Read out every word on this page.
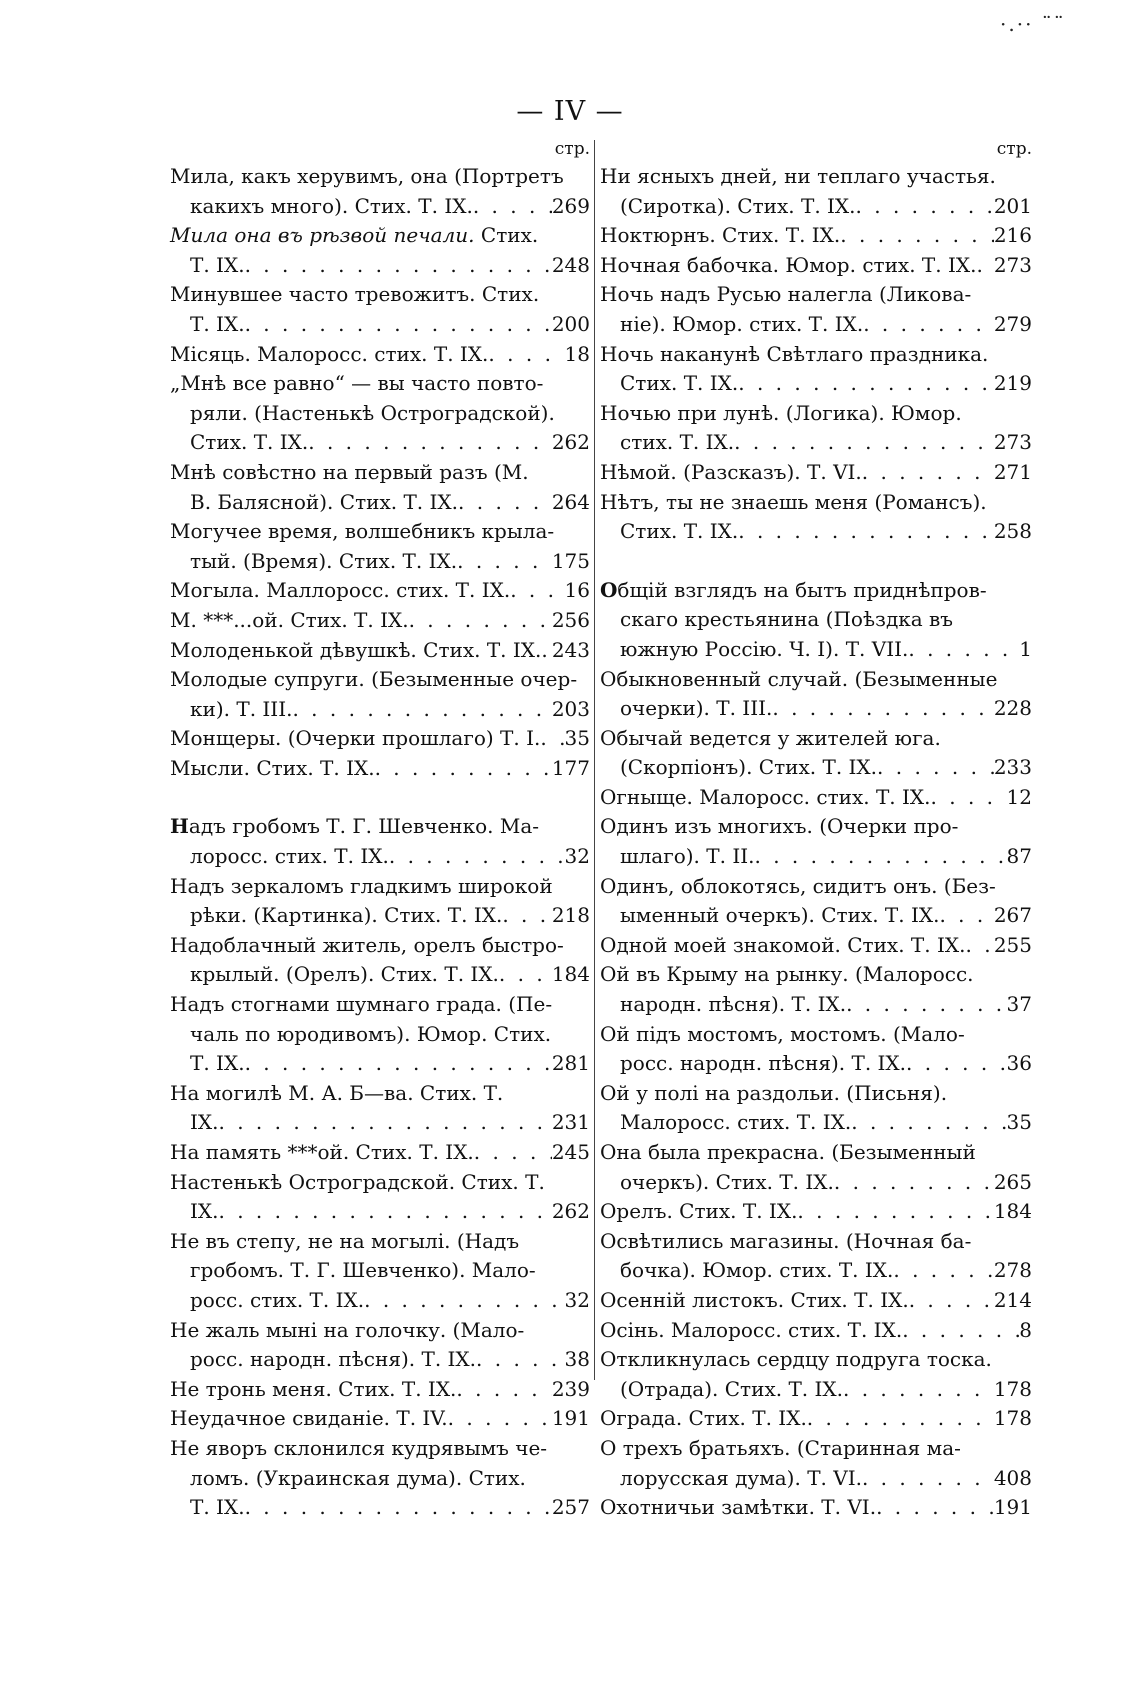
·.·· ¨¨
— IV —
стр.
Мила, какъ херувимъ, она (Портретъ
какихъ много). Стих. Т. IX. . . .	269
Мила она въ рѣзвой печали. Стих.
Т. IX. . . .	248
Минувшее часто тревожитъ. Стих.
Т. IX. . . .	200
Місяць. Малоросс. стих. Т. IX. . . .	18
„Мнѣ все равно“ — вы часто повто-
ряли. (Настенькѣ Остроградской).
Стих. Т. IX. . . .	262
Мнѣ совѣстно на первый разъ (М.
В. Балясной). Стих. Т. IX. . . .	264
Могучее время, волшебникъ крыла-
тый. (Время). Стих. Т. IX. . . .	175
Могыла. Маллоросс. стих. Т. IX. . . .	16
М. ***...ой. Стих. Т. IX. . . .	256
Молоденькой дѣвушкѣ. Стих. Т. IX. . . . 243
Молодые супруги. (Безыменные очер-
ки). Т. III. . . .	203
Монщеры. (Очерки прошлаго) Т. I. . . . 35
Мысли. Стих. Т. IX. . . .	177
Надъ гробомъ Т. Г. Шевченко. Ма-
лоросс. стих. Т. IX. . . .	32
Надъ зеркаломъ гладкимъ широкой
рѣки. (Картинка). Стих. Т. IX. . . . 218
Надоблачный житель, орелъ быстро-
крылый. (Орелъ). Стих. Т. IX. . . .	184
Надъ стогнами шумнаго града. (Пе-
чаль по юродивомъ). Юмор. Стих.
Т. IX. . . .	281
На могилѣ М. А. Б—ва. Стих. Т.
IX. . . .	231
На память ***ой. Стих. Т. IX. . . .	245
Настенькѣ Остроградской. Стих. Т.
IX. . . .	262
Не въ степу, не на могылі. (Надъ
гробомъ. Т. Г. Шевченко). Мало-
росс. стих. Т. IX. . . .	32
Не жаль мыні на голочку. (Мало-
росс. народн. пѣсня). Т. IX. . . .	38
Не тронь меня. Стих. Т. IX. . . .	239
Неудачное свиданіе. Т. IV. . . .	191
Не яворъ склонился кудрявымъ че-
ломъ. (Украинская дума). Стих.
Т. IX. . . .	257
стр.
Ни ясныхъ дней, ни теплаго участья.
(Сиротка). Стих. Т. IX. . . .	201
Ноктюрнъ. Стих. Т. IX. . . .	216
Ночная бабочка. Юмор. стих. Т. IX. . . . 273
Ночь надъ Русью налегла (Ликова-
ніе). Юмор. стих. Т. IX. . . .	279
Ночь наканунѣ Свѣтлаго праздника.
Стих. Т. IX. . . .	219
Ночью при лунѣ. (Логика). Юмор.
стих. Т. IX. . . .	273
Нѣмой. (Разсказъ). Т. VI. . . .	271
Нѣтъ, ты не знаешь меня (Романсъ).
Стих. Т. IX. . . .	258
Общій взглядъ на бытъ приднѣпров-
скаго крестьянина (Поѣздка въ
южную Россію. Ч. I). Т. VII. . . .	1
Обыкновенный случай. (Безыменные
очерки). Т. III. . . .	228
Обычай ведется у жителей юга.
(Скорпіонъ). Стих. Т. IX. . . .	233
Огныще. Малоросс. стих. Т. IX. . . .	12
Одинъ изъ многихъ. (Очерки про-
шлаго). Т. II. . . .	87
Одинъ, облокотясь, сидитъ онъ. (Без-
ыменный очеркъ). Стих. Т. IX. . . .	267
Одной моей знакомой. Стих. Т. IX. . . . 255
Ой въ Крыму на рынку. (Малоросс.
народн. пѣсня). Т. IX. . . .	37
Ой підъ мостомъ, мостомъ. (Мало-
росс. народн. пѣсня). Т. IX. . . .	36
Ой у полі на раздольи. (Письня).
Малоросс. стих. Т. IX. . . .	35
Она была прекрасна. (Безыменный
очеркъ). Стих. Т. IX. . . .	265
Орелъ. Стих. Т. IX. . . .	184
Освѣтились магазины. (Ночная ба-
бочка). Юмор. стих. Т. IX. . . .	278
Осенній листокъ. Стих. Т. IX. . . .	214
Осінь. Малоросс. стих. Т. IX. . . .	8
Откликнулась сердцу подруга тоска.
(Отрада). Стих. Т. IX. . . .	178
Ограда. Стих. Т. IX. . . .	178
О трехъ братьяхъ. (Старинная ма-
лорусская дума). Т. VI. . . .	408
Охотничьи замѣтки. Т. VI. . . .	191
